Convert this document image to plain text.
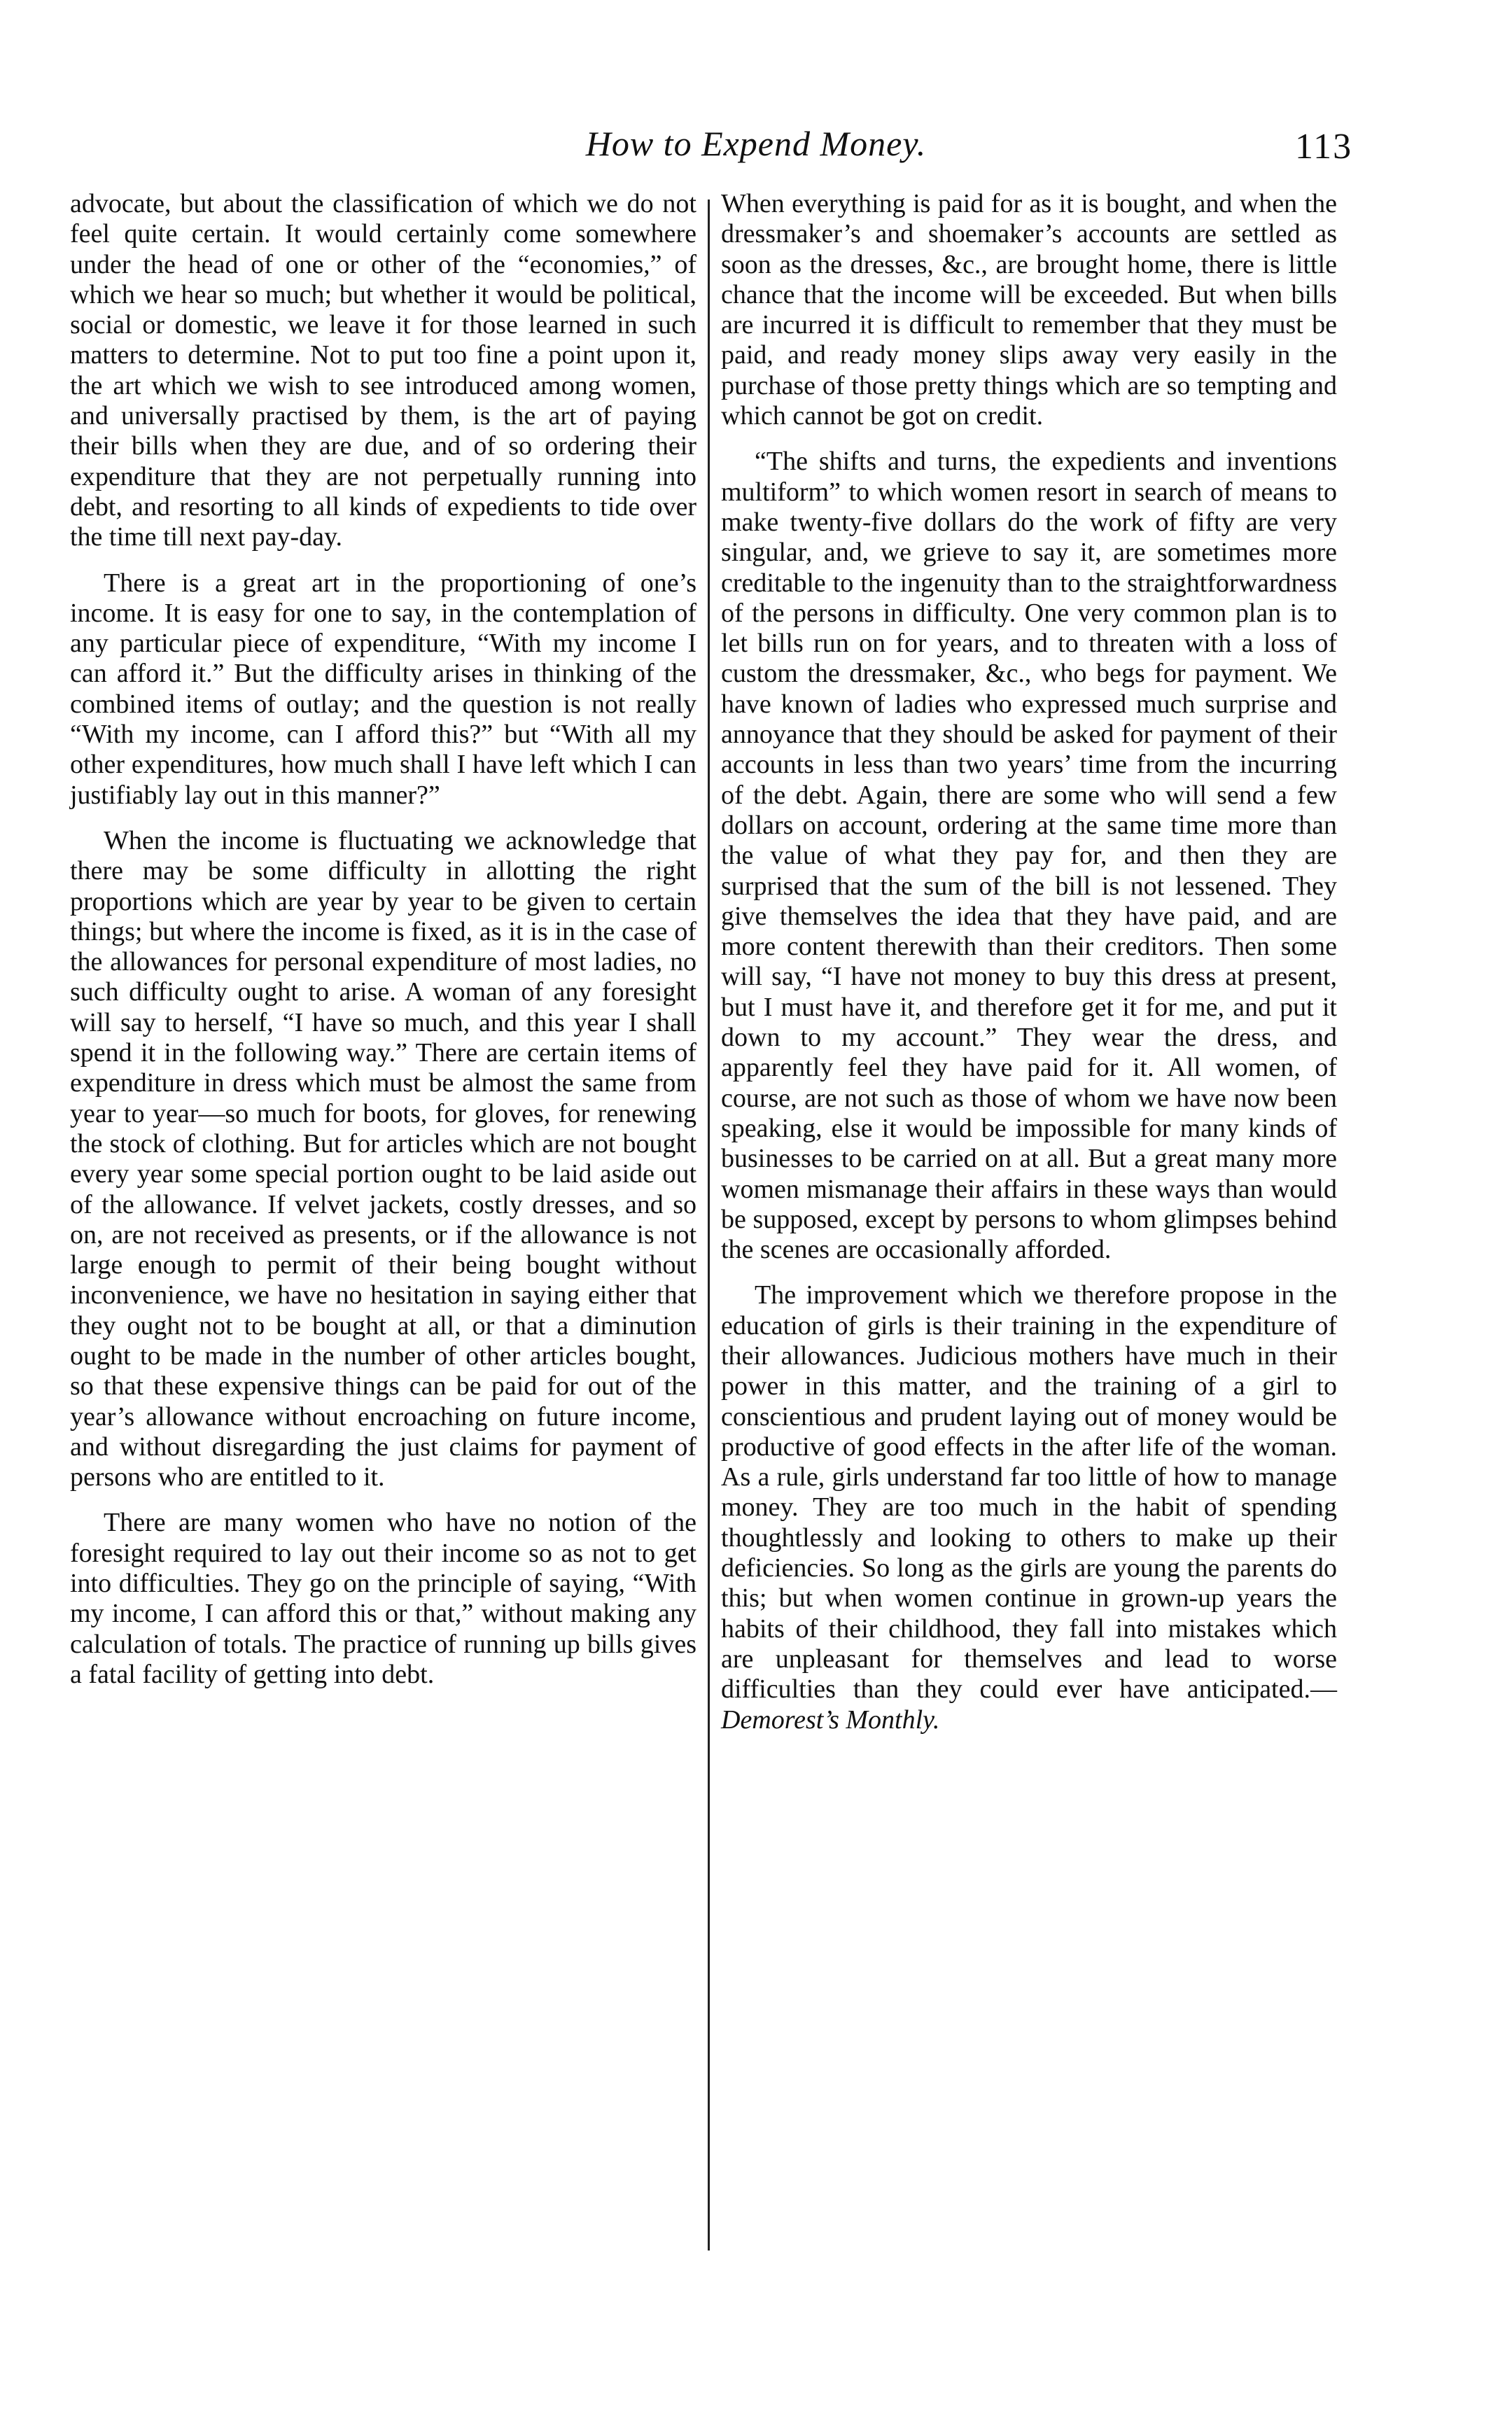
How to Expend Money.	113

advocate, but about the classification of which we do not feel quite certain. It would certainly come somewhere under the head of one or other of the “economies,” of which we hear so much; but whether it would be political, social or domestic, we leave it for those learned in such matters to determine. Not to put too fine a point upon it, the art which we wish to see introduced among women, and universally practised by them, is the art of paying their bills when they are due, and of so ordering their expenditure that they are not perpetually running into debt, and resorting to all kinds of expedients to tide over the time till next pay-day.

There is a great art in the proportioning of one’s income. It is easy for one to say, in the contemplation of any particular piece of expenditure, “With my income I can afford it.” But the difficulty arises in thinking of the combined items of outlay; and the question is not really “With my income, can I afford this?” but “With all my other expenditures, how much shall I have left which I can justifiably lay out in this manner?”

When the income is fluctuating we acknowledge that there may be some difficulty in allotting the right proportions which are year by year to be given to certain things; but where the income is fixed, as it is in the case of the allowances for personal expenditure of most ladies, no such difficulty ought to arise. A woman of any foresight will say to herself, “I have so much, and this year I shall spend it in the following way.” There are certain items of expenditure in dress which must be almost the same from year to year—so much for boots, for gloves, for renewing the stock of clothing. But for articles which are not bought every year some special portion ought to be laid aside out of the allowance. If velvet jackets, costly dresses, and so on, are not received as presents, or if the allowance is not large enough to permit of their being bought without inconvenience, we have no hesitation in saying either that they ought not to be bought at all, or that a diminution ought to be made in the number of other articles bought, so that these expensive things can be paid for out of the year’s allowance without encroaching on future income, and without disregarding the just claims for payment of persons who are entitled to it.

There are many women who have no notion of the foresight required to lay out their income so as not to get into difficulties. They go on the principle of saying, “With my income, I can afford this or that,” without making any calculation of totals. The practice of running up bills gives a fatal facility of getting into debt.

When everything is paid for as it is bought, and when the dressmaker’s and shoemaker’s accounts are settled as soon as the dresses, &c., are brought home, there is little chance that the income will be exceeded. But when bills are incurred it is difficult to remember that they must be paid, and ready money slips away very easily in the purchase of those pretty things which are so tempting and which cannot be got on credit.

“The shifts and turns, the expedients and inventions multiform” to which women resort in search of means to make twenty-five dollars do the work of fifty are very singular, and, we grieve to say it, are sometimes more creditable to the ingenuity than to the straightforwardness of the persons in difficulty. One very common plan is to let bills run on for years, and to threaten with a loss of custom the dressmaker, &c., who begs for payment. We have known of ladies who expressed much surprise and annoyance that they should be asked for payment of their accounts in less than two years’ time from the incurring of the debt. Again, there are some who will send a few dollars on account, ordering at the same time more than the value of what they pay for, and then they are surprised that the sum of the bill is not lessened. They give themselves the idea that they have paid, and are more content therewith than their creditors. Then some will say, “I have not money to buy this dress at present, but I must have it, and therefore get it for me, and put it down to my account.” They wear the dress, and apparently feel they have paid for it. All women, of course, are not such as those of whom we have now been speaking, else it would be impossible for many kinds of businesses to be carried on at all. But a great many more women mismanage their affairs in these ways than would be supposed, except by persons to whom glimpses behind the scenes are occasionally afforded.

The improvement which we therefore propose in the education of girls is their training in the expenditure of their allowances. Judicious mothers have much in their power in this matter, and the training of a girl to conscientious and prudent laying out of money would be productive of good effects in the after life of the woman. As a rule, girls understand far too little of how to manage money. They are too much in the habit of spending thoughtlessly and looking to others to make up their deficiencies. So long as the girls are young the parents do this; but when women continue in grown-up years the habits of their childhood, they fall into mistakes which are unpleasant for themselves and lead to worse difficulties than they could ever have anticipated.—Demorest’s Monthly.
